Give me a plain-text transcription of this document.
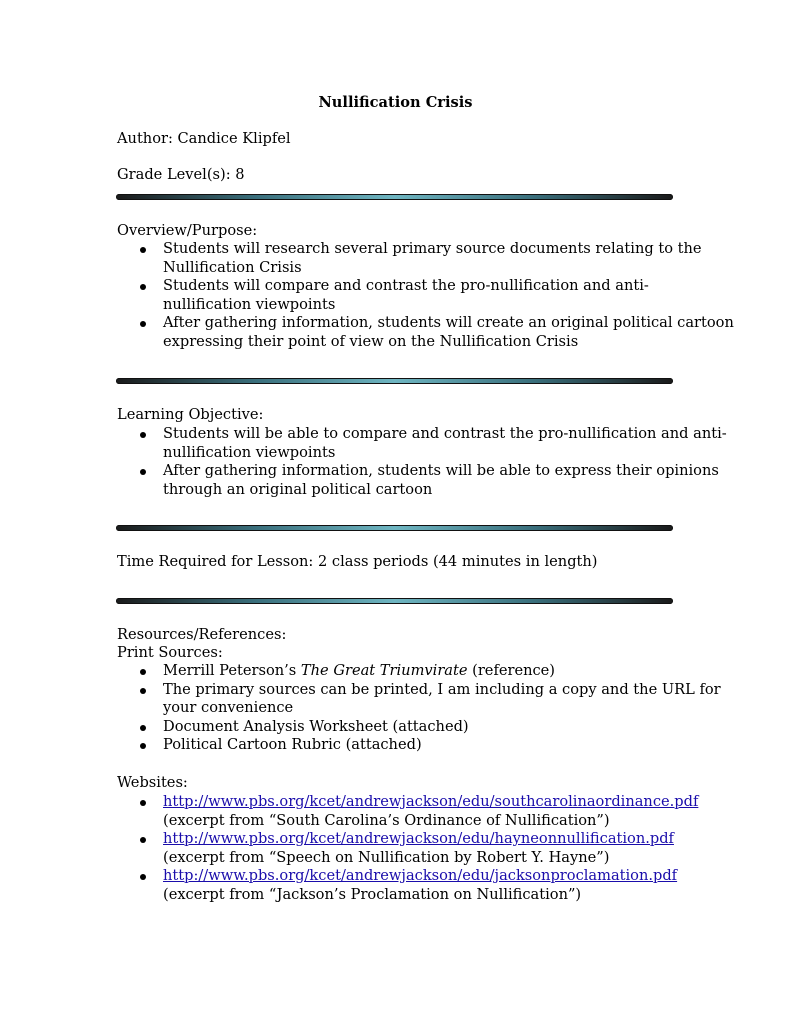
Nullification Crisis
Author: Candice Klipfel
Grade Level(s): 8
Overview/Purpose:
Students will research several primary source documents relating to the
Nullification Crisis
Students will compare and contrast the pro-nullification and anti-
nullification viewpoints
After gathering information, students will create an original political cartoon
expressing their point of view on the Nullification Crisis
Learning Objective:
Students will be able to compare and contrast the pro-nullification and anti-
nullification viewpoints
After gathering information, students will be able to express their opinions
through an original political cartoon
Time Required for Lesson: 2 class periods (44 minutes in length)
Resources/References:
Print Sources:
Merrill Peterson’s The Great Triumvirate (reference)
The primary sources can be printed, I am including a copy and the URL for
your convenience
Document Analysis Worksheet (attached)
Political Cartoon Rubric (attached)
Websites:
http://www.pbs.org/kcet/andrewjackson/edu/southcarolinaordinance.pdf
(excerpt from “South Carolina’s Ordinance of Nullification”)
http://www.pbs.org/kcet/andrewjackson/edu/hayneonnullification.pdf
(excerpt from “Speech on Nullification by Robert Y. Hayne”)
http://www.pbs.org/kcet/andrewjackson/edu/jacksonproclamation.pdf
(excerpt from “Jackson’s Proclamation on Nullification”)
